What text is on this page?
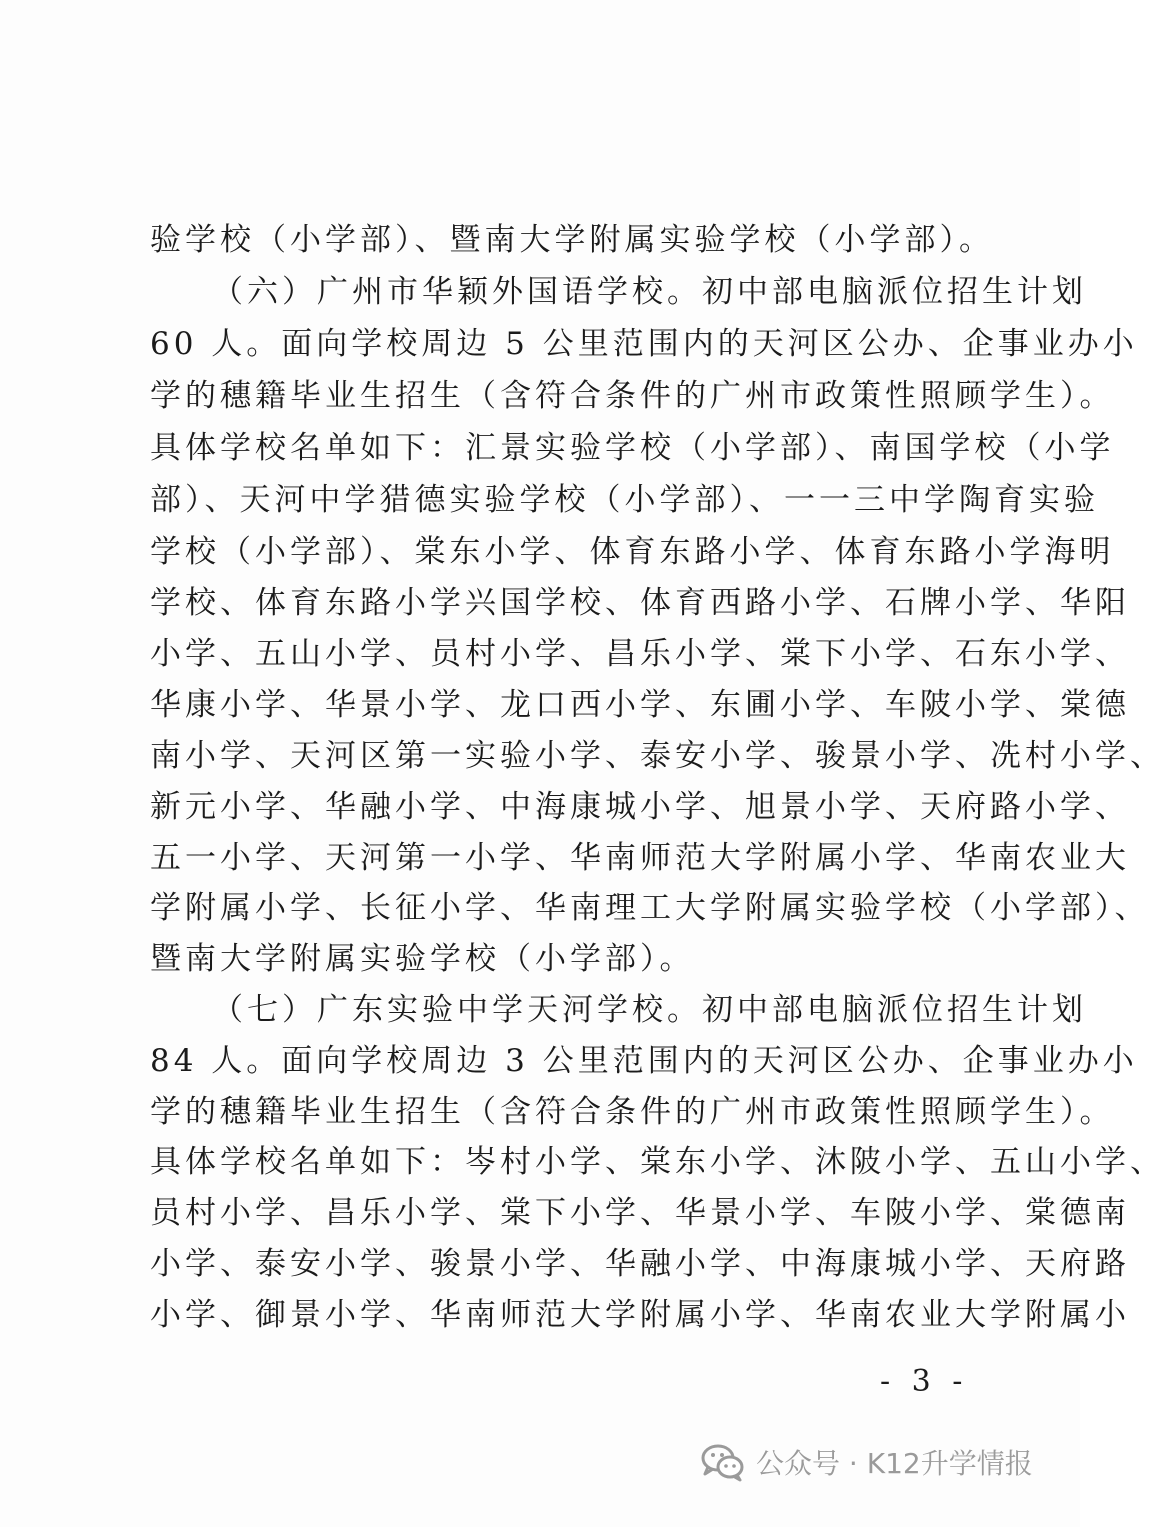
验学校（小学部）、暨南大学附属实验学校（小学部）。
（六）广州市华颖外国语学校。初中部电脑派位招生计划
60 人。面向学校周边 5 公里范围内的天河区公办、企事业办小
学的穗籍毕业生招生（含符合条件的广州市政策性照顾学生）。
具体学校名单如下：汇景实验学校（小学部）、南国学校（小学
部）、天河中学猎德实验学校（小学部）、一一三中学陶育实验
学校（小学部）、棠东小学、体育东路小学、体育东路小学海明
学校、体育东路小学兴国学校、体育西路小学、石牌小学、华阳
小学、五山小学、员村小学、昌乐小学、棠下小学、石东小学、
华康小学、华景小学、龙口西小学、东圃小学、车陂小学、棠德
南小学、天河区第一实验小学、泰安小学、骏景小学、冼村小学、
新元小学、华融小学、中海康城小学、旭景小学、天府路小学、
五一小学、天河第一小学、华南师范大学附属小学、华南农业大
学附属小学、长征小学、华南理工大学附属实验学校（小学部）、
暨南大学附属实验学校（小学部）。
（七）广东实验中学天河学校。初中部电脑派位招生计划
84 人。面向学校周边 3 公里范围内的天河区公办、企事业办小
学的穗籍毕业生招生（含符合条件的广州市政策性照顾学生）。
具体学校名单如下：岑村小学、棠东小学、沐陂小学、五山小学、
员村小学、昌乐小学、棠下小学、华景小学、车陂小学、棠德南
小学、泰安小学、骏景小学、华融小学、中海康城小学、天府路
小学、御景小学、华南师范大学附属小学、华南农业大学附属小
- 3 -
公众号 · K12升学情报
